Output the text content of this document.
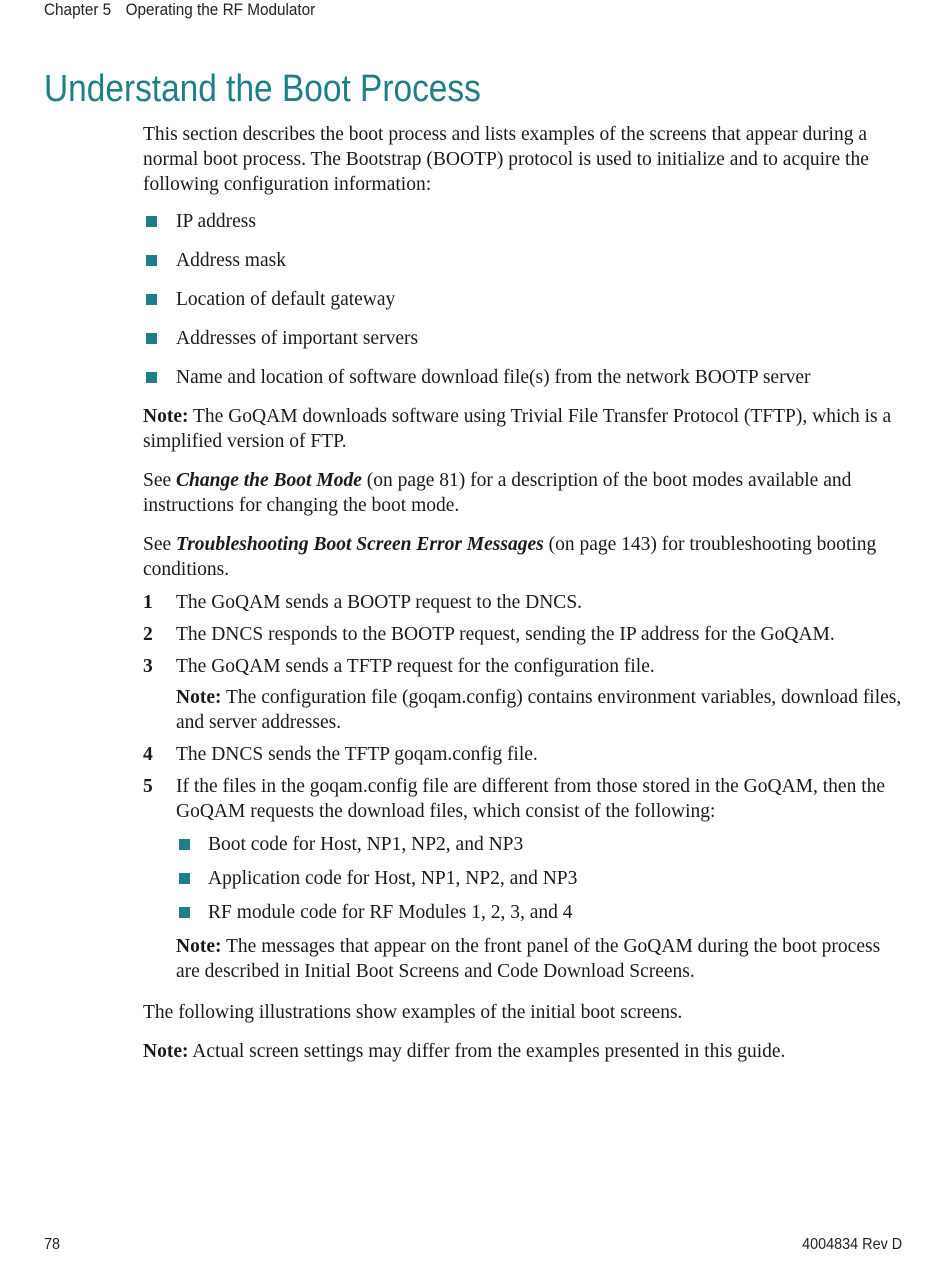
Chapter 5 Operating the RF Modulator
Understand the Boot Process

This section describes the boot process and lists examples of the screens that appear during a normal boot process. The Bootstrap (BOOTP) protocol is used to initialize and to acquire the following configuration information:

IP address
Address mask
Location of default gateway
Addresses of important servers
Name and location of software download file(s) from the network BOOTP server

Note: The GoQAM downloads software using Trivial File Transfer Protocol (TFTP), which is a simplified version of FTP.

See Change the Boot Mode (on page 81) for a description of the boot modes available and instructions for changing the boot mode.

See Troubleshooting Boot Screen Error Messages (on page 143) for troubleshooting booting conditions.

1 The GoQAM sends a BOOTP request to the DNCS.
2 The DNCS responds to the BOOTP request, sending the IP address for the GoQAM.
3 The GoQAM sends a TFTP request for the configuration file.

Note: The configuration file (goqam.config) contains environment variables, download files, and server addresses.

4 The DNCS sends the TFTP goqam.config file.
5 If the files in the goqam.config file are different from those stored in the GoQAM, then the GoQAM requests the download files, which consist of the following:
Boot code for Host, NP1, NP2, and NP3
Application code for Host, NP1, NP2, and NP3
RF module code for RF Modules 1, 2, 3, and 4

Note: The messages that appear on the front panel of the GoQAM during the boot process are described in Initial Boot Screens and Code Download Screens.

The following illustrations show examples of the initial boot screens.

Note: Actual screen settings may differ from the examples presented in this guide.

78	4004834 Rev D
